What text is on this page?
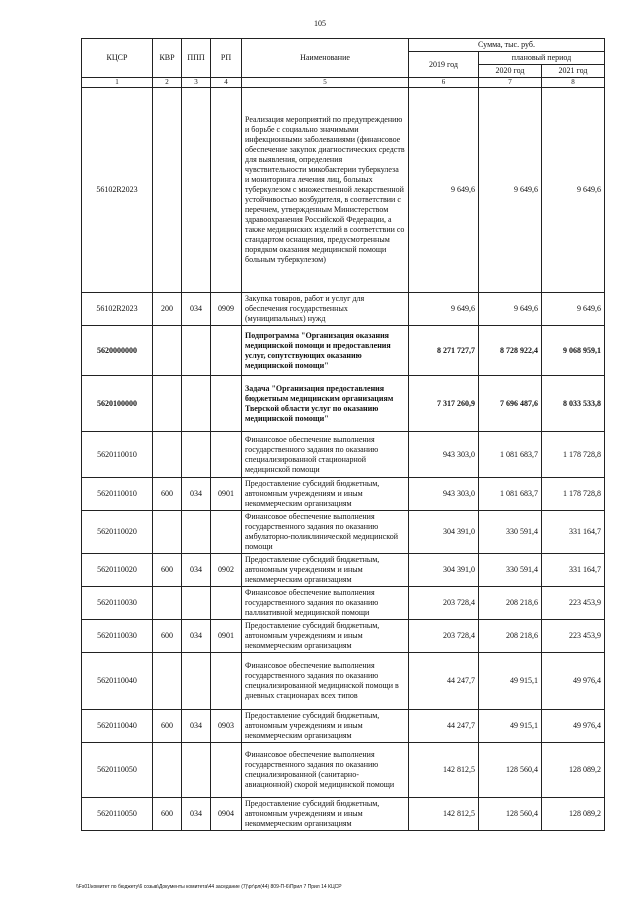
105
КЦСР	КВР	ППП	РП	Наименование	Сумма, тыс. руб.		
					2019 год	плановый период	
						2020 год	2021 год
1	2	3	4	5	6	7	8
56102R2023				Реализация мероприятий по предупреждению и борьбе с социально значимыми инфекционными заболеваниями (финансовое обеспечение закупок диагностических средств для выявления, определения чувствительности микобактерии туберкулеза и мониторинга лечения лиц, больных туберкулезом с множественной лекарственной устойчивостью возбудителя, в соответствии с перечнем, утвержденным Министерством здравоохранения Российской Федерации, а также медицинских изделий в соответствии со стандартом оснащения, предусмотренным порядком оказания медицинской помощи больным туберкулезом)	9 649,6	9 649,6	9 649,6
56102R2023	200	034	0909	Закупка товаров, работ и услуг для обеспечения государственных (муниципальных) нужд	9 649,6	9 649,6	9 649,6
5620000000				Подпрограмма "Организация оказания медицинской помощи и предоставления услуг, сопутствующих оказанию медицинской помощи"	8 271 727,7	8 728 922,4	9 068 959,1
5620100000				Задача "Организация предоставления бюджетным медицинским организациям Тверской области услуг по оказанию медицинской помощи"	7 317 260,9	7 696 487,6	8 033 533,8
5620110010				Финансовое обеспечение выполнения государственного задания по оказанию специализированной стационарной медицинской помощи	943 303,0	1 081 683,7	1 178 728,8
5620110010	600	034	0901	Предоставление субсидий бюджетным, автономным учреждениям и иным некоммерческим организациям	943 303,0	1 081 683,7	1 178 728,8
5620110020				Финансовое обеспечение выполнения государственного задания по оказанию амбулаторно-поликлинической медицинской помощи	304 391,0	330 591,4	331 164,7
5620110020	600	034	0902	Предоставление субсидий бюджетным, автономным учреждениям и иным некоммерческим организациям	304 391,0	330 591,4	331 164,7
5620110030				Финансовое обеспечение выполнения государственного задания по оказанию паллиативной медицинской помощи	203 728,4	208 218,6	223 453,9
5620110030	600	034	0901	Предоставление субсидий бюджетным, автономным учреждениям и иным некоммерческим организациям	203 728,4	208 218,6	223 453,9
5620110040				Финансовое обеспечение выполнения государственного задания по оказанию специализированной медицинской помощи в дневных стационарах всех типов	44 247,7	49 915,1	49 976,4
5620110040	600	034	0903	Предоставление субсидий бюджетным, автономным учреждениям и иным некоммерческим организациям	44 247,7	49 915,1	49 976,4
5620110050				Финансовое обеспечение выполнения государственного задания по оказанию специализированной (санитарно-авиационной) скорой медицинской помощи	142 812,5	128 560,4	128 089,2
5620110050	600	034	0904	Предоставление субсидий бюджетным, автономным учреждениям и иным некоммерческим организациям	142 812,5	128 560,4	128 089,2
\\Fs01\комитет по бюджету\6 созыв\Документы комитета\44 заседание (7)\рг\рл(44) 809-П-6\Прил 7 Прил 14 КЦСР
